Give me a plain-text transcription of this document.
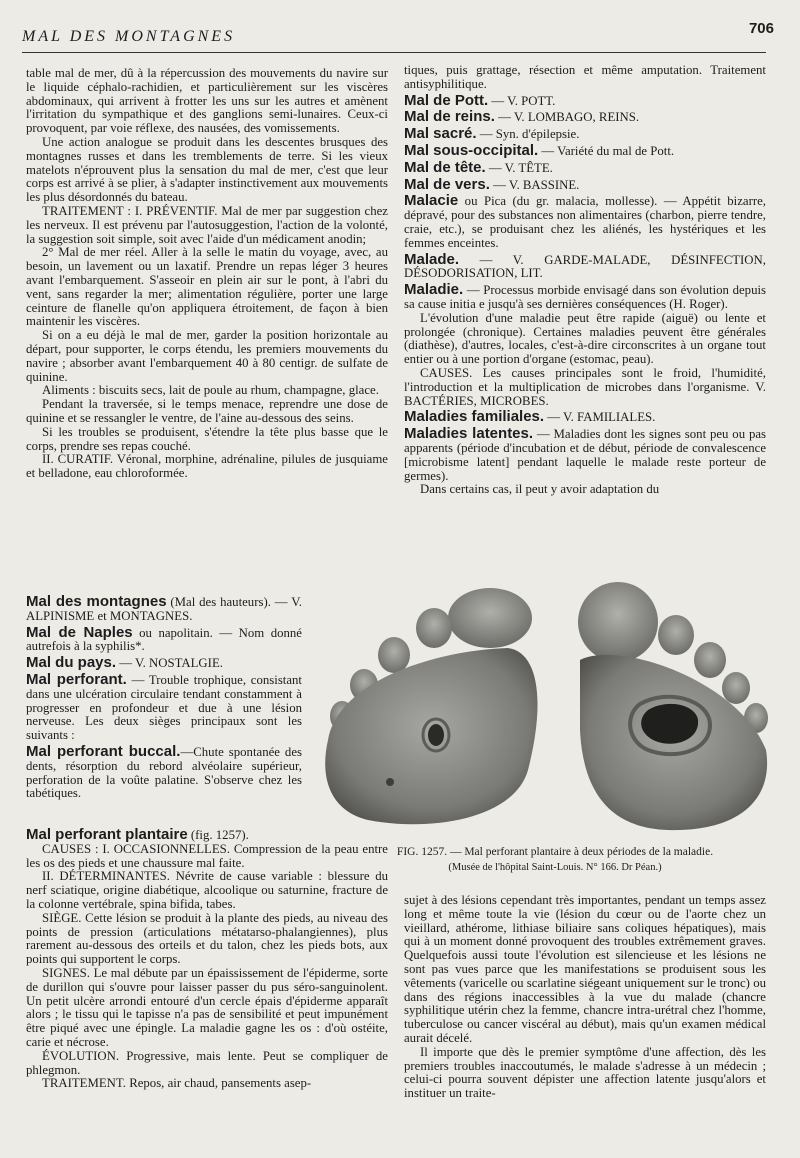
MAL DES MONTAGNES	706

table mal de mer, dû à la répercussion des mouvements du navire sur le liquide céphalo-rachidien, et particulièrement sur les viscères abdominaux, qui arrivent à frotter les uns sur les autres et amènent l'irritation du sympathique et des ganglions semi-lunaires. Ceux-ci provoquent, par voie réflexe, des nausées, des vomissements.

Une action analogue se produit dans les descentes brusques des montagnes russes et dans les tremblements de terre. Si les vieux matelots n'éprouvent plus la sensation du mal de mer, c'est que leur corps est arrivé à se plier, à s'adapter instinctivement aux mouvements les plus désordonnés du bateau.

TRAITEMENT : I. PRÉVENTIF. Mal de mer par suggestion chez les nerveux. Il est prévenu par l'autosuggestion, l'action de la volonté, la suggestion soit simple, soit avec l'aide d'un médicament anodin;

2° Mal de mer réel. Aller à la selle le matin du voyage, avec, au besoin, un lavement ou un laxatif. Prendre un repas léger 3 heures avant l'embarquement. S'asseoir en plein air sur le pont, à l'abri du vent, sans regarder la mer; alimentation régulière, porter une large ceinture de flanelle qu'on appliquera étroitement, de façon à bien maintenir les viscères.

Si on a eu déjà le mal de mer, garder la position horizontale au départ, pour supporter, le corps étendu, les premiers mouvements du navire ; absorber avant l'embarquement 40 à 80 centigr. de sulfate de quinine.

Aliments : biscuits secs, lait de poule au rhum, champagne, glace.

Pendant la traversée, si le temps menace, reprendre une dose de quinine et se ressangler le ventre, de l'aine au-dessous des seins.

Si les troubles se produisent, s'étendre la tête plus basse que le corps, prendre ses repas couché.

II. CURATIF. Véronal, morphine, adrénaline, pilules de jusquiame et belladone, eau chloroformée.

tiques, puis grattage, résection et même amputation. Traitement antisyphilitique.

Mal de Pott. — V. POTT.

Mal de reins. — V. LOMBAGO, REINS.

Mal sacré. — Syn. d'épilepsie.

Mal sous-occipital. — Variété du mal de Pott.

Mal de tête. — V. TÊTE.

Mal de vers. — V. BASSINE.

Malacie ou Pica (du gr. malacia, mollesse). — Appétit bizarre, dépravé, pour des substances non alimentaires (charbon, pierre tendre, craie, etc.), se produisant chez les aliénés, les hystériques et les femmes enceintes.

Malade. — V. GARDE-MALADE, DÉSINFECTION, DÉSODORISATION, LIT.

Maladie. — Processus morbide envisagé dans son évolution depuis sa cause initia e jusqu'à ses dernières conséquences (H. Roger).

L'évolution d'une maladie peut être rapide (aiguë) ou lente et prolongée (chronique). Certaines maladies peuvent être générales (diathèse), d'autres, locales, c'est-à-dire circonscrites à un organe tout entier ou à une portion d'organe (estomac, peau).

CAUSES. Les causes principales sont le froid, l'humidité, l'introduction et la multiplication de microbes dans l'organisme. V. BACTÉRIES, MICROBES.

Maladies familiales. — V. FAMILIALES.

Maladies latentes. — Maladies dont les signes sont peu ou pas apparents (période d'incubation et de début, période de convalescence [microbisme latent] pendant laquelle le malade reste porteur de germes).

Dans certains cas, il peut y avoir adaptation du

Mal des montagnes (Mal des hauteurs). — V. ALPINISME et MONTAGNES.

Mal de Naples ou napolitain. — Nom donné autrefois à la syphilis*.

Mal du pays. — V. NOSTALGIE.

Mal perforant. — Trouble trophique, consistant dans une ulcération circulaire tendant constamment à progresser en profondeur et due à une lésion nerveuse. Les deux sièges principaux sont les suivants :

Mal perforant buccal.—Chute spontanée des dents, résorption du rebord alvéolaire supérieur, perforation de la voûte palatine. S'observe chez les tabétiques.

FIG. 1257. — Mal perforant plantaire à deux périodes de la maladie.
(Musée de l'hôpital Saint-Louis. N° 166. Dr Péan.)

Mal perforant plantaire (fig. 1257).

CAUSES : I. OCCASIONNELLES. Compression de la peau entre les os des pieds et une chaussure mal faite.

II. DÉTERMINANTES. Névrite de cause variable : blessure du nerf sciatique, origine diabétique, alcoolique ou saturnine, fracture de la colonne vertébrale, spina bifida, tabes.

SIÈGE. Cette lésion se produit à la plante des pieds, au niveau des points de pression (articulations métatarso-phalangiennes), plus rarement au-dessous des orteils et du talon, chez les pieds bots, aux points qui supportent le corps.

SIGNES. Le mal débute par un épaississement de l'épiderme, sorte de durillon qui s'ouvre pour laisser passer du pus séro-sanguinolent. Un petit ulcère arrondi entouré d'un cercle épais d'épiderme apparaît alors ; le tissu qui le tapisse n'a pas de sensibilité et peut impunément être piqué avec une épingle. La maladie gagne les os : d'où ostéite, carie et nécrose.

ÉVOLUTION. Progressive, mais lente. Peut se compliquer de phlegmon.

TRAITEMENT. Repos, air chaud, pansements asep-

sujet à des lésions cependant très importantes, pendant un temps assez long et même toute la vie (lésion du cœur ou de l'aorte chez un vieillard, athérome, lithiase biliaire sans coliques hépatiques), mais qui à un moment donné provoquent des troubles extrêmement graves. Quelquefois aussi toute l'évolution est silencieuse et les lésions ne sont pas vues parce que les manifestations se produisent sous les vêtements (varicelle ou scarlatine siégeant uniquement sur le tronc) ou dans des régions inaccessibles à la vue du malade (chancre syphilitique utérin chez la femme, chancre intra-urétral chez l'homme, tuberculose ou cancer viscéral au début), mais qu'un examen médical aurait décelé.

Il importe que dès le premier symptôme d'une affection, dès les premiers troubles inaccoutumés, le malade s'adresse à un médecin ; celui-ci pourra souvent dépister une affection latente jusqu'alors et instituer un traite-
